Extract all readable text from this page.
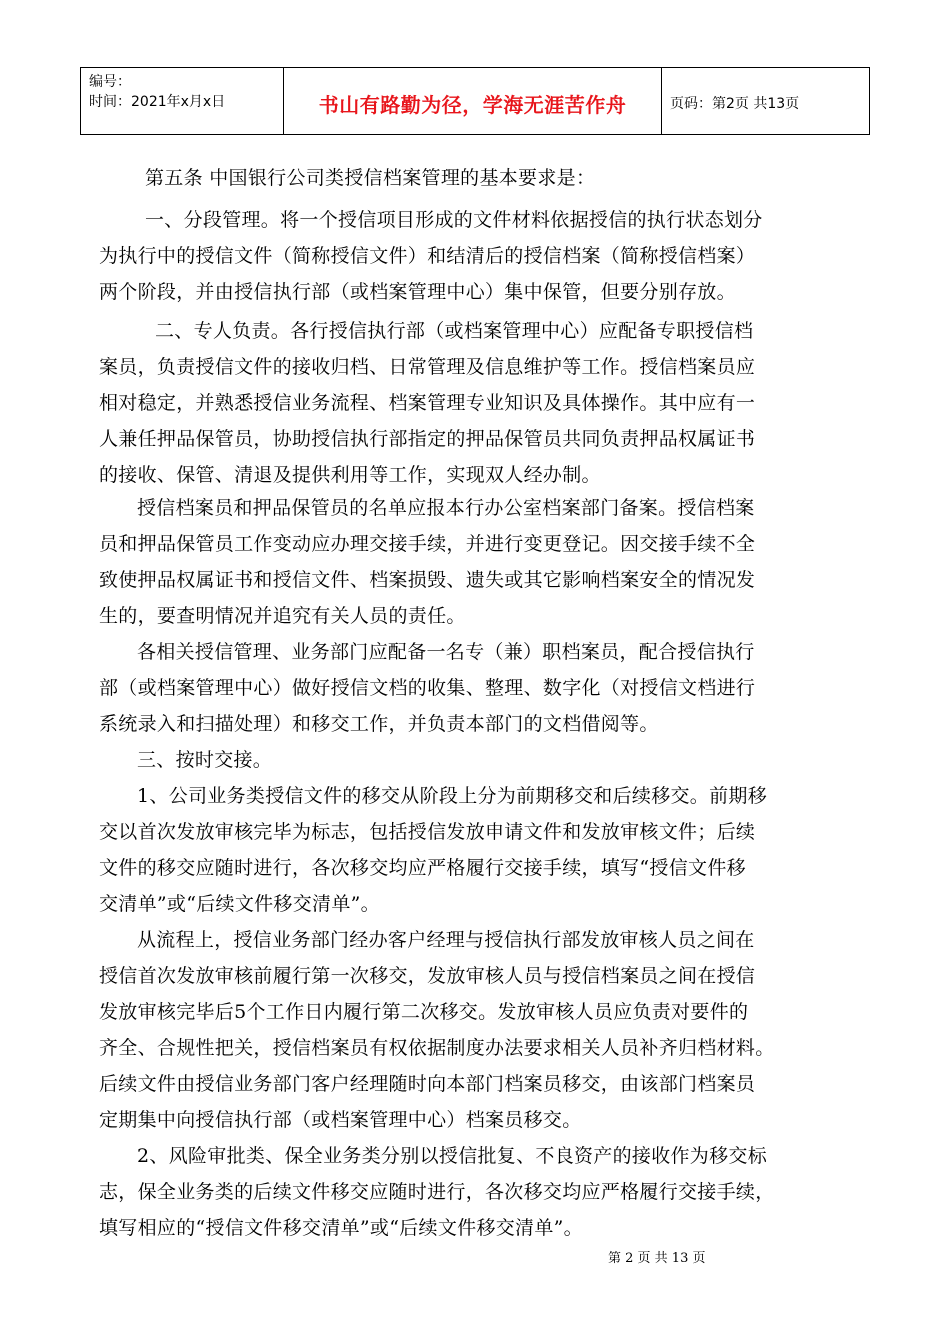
编号：
时间：2021年x月x日	书山有路勤为径，学海无涯苦作舟	页码：第2页 共13页
第五条 中国银行公司类授信档案管理的基本要求是：
一、分段管理。将一个授信项目形成的文件材料依据授信的执行状态划分
为执行中的授信文件（简称授信文件）和结清后的授信档案（简称授信档案）
两个阶段，并由授信执行部（或档案管理中心）集中保管，但要分别存放。
二、专人负责。各行授信执行部（或档案管理中心）应配备专职授信档
案员，负责授信文件的接收归档、日常管理及信息维护等工作。授信档案员应
相对稳定，并熟悉授信业务流程、档案管理专业知识及具体操作。其中应有一
人兼任押品保管员，协助授信执行部指定的押品保管员共同负责押品权属证书
的接收、保管、清退及提供利用等工作，实现双人经办制。
授信档案员和押品保管员的名单应报本行办公室档案部门备案。授信档案
员和押品保管员工作变动应办理交接手续，并进行变更登记。因交接手续不全
致使押品权属证书和授信文件、档案损毁、遗失或其它影响档案安全的情况发
生的，要查明情况并追究有关人员的责任。
各相关授信管理、业务部门应配备一名专（兼）职档案员，配合授信执行
部（或档案管理中心）做好授信文档的收集、整理、数字化（对授信文档进行
系统录入和扫描处理）和移交工作，并负责本部门的文档借阅等。
三、按时交接。
1、公司业务类授信文件的移交从阶段上分为前期移交和后续移交。前期移
交以首次发放审核完毕为标志，包括授信发放申请文件和发放审核文件；后续
文件的移交应随时进行，各次移交均应严格履行交接手续，填写“授信文件移
交清单”或“后续文件移交清单”。
从流程上，授信业务部门经办客户经理与授信执行部发放审核人员之间在
授信首次发放审核前履行第一次移交，发放审核人员与授信档案员之间在授信
发放审核完毕后5个工作日内履行第二次移交。发放审核人员应负责对要件的
齐全、合规性把关，授信档案员有权依据制度办法要求相关人员补齐归档材料。
后续文件由授信业务部门客户经理随时向本部门档案员移交，由该部门档案员
定期集中向授信执行部（或档案管理中心）档案员移交。
2、风险审批类、保全业务类分别以授信批复、不良资产的接收作为移交标
志，保全业务类的后续文件移交应随时进行，各次移交均应严格履行交接手续，
填写相应的“授信文件移交清单”或“后续文件移交清单”。
第 2 页 共 13 页
